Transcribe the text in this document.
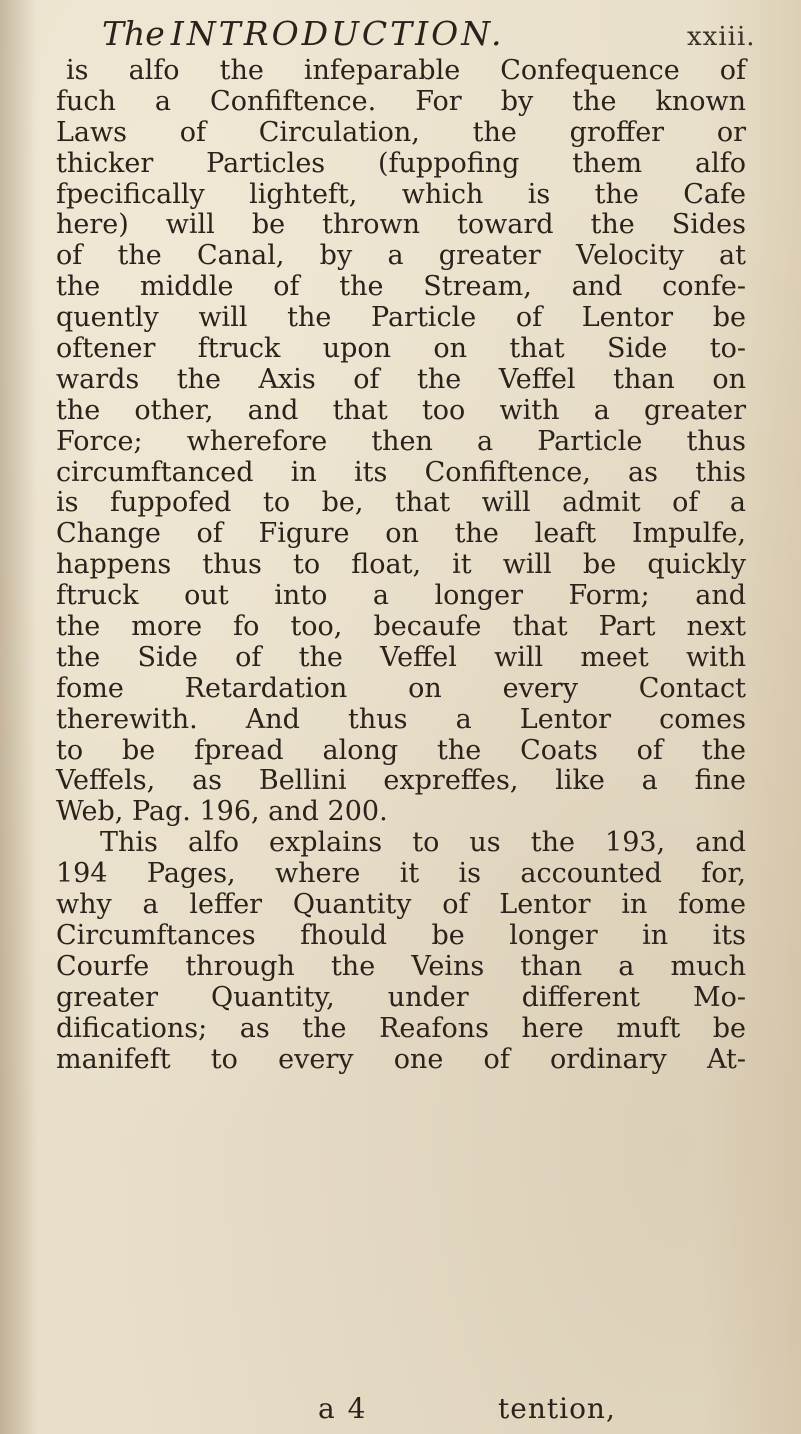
The INTRODUCTION.	xxiii.
is alfo the infeparable Confequence of
fuch a Confiftence. For by the known
Laws of Circulation, the groffer or
thicker Particles (fuppofing them alfo
fpecifically lighteft, which is the Cafe
here) will be thrown toward the Sides
of the Canal, by a greater Velocity at
the middle of the Stream, and confe-
quently will the Particle of Lentor be
oftener ftruck upon on that Side to-
wards the Axis of the Veffel than on
the other, and that too with a greater
Force; wherefore then a Particle thus
circumftanced in its Confiftence, as this
is fuppofed to be, that will admit of a
Change of Figure on the leaft Impulfe,
happens thus to float, it will be quickly
ftruck out into a longer Form; and
the more fo too, becaufe that Part next
the Side of the Veffel will meet with
fome Retardation on every Contact
therewith. And thus a Lentor comes
to be fpread along the Coats of the
Veffels, as Bellini expreffes, like a fine
Web, Pag. 196, and 200.
This alfo explains to us the 193, and
194 Pages, where it is accounted for,
why a leffer Quantity of Lentor in fome
Circumftances fhould be longer in its
Courfe through the Veins than a much
greater Quantity, under different Mo-
difications; as the Reafons here muft be
manifeft to every one of ordinary At-
a 4	tention,
